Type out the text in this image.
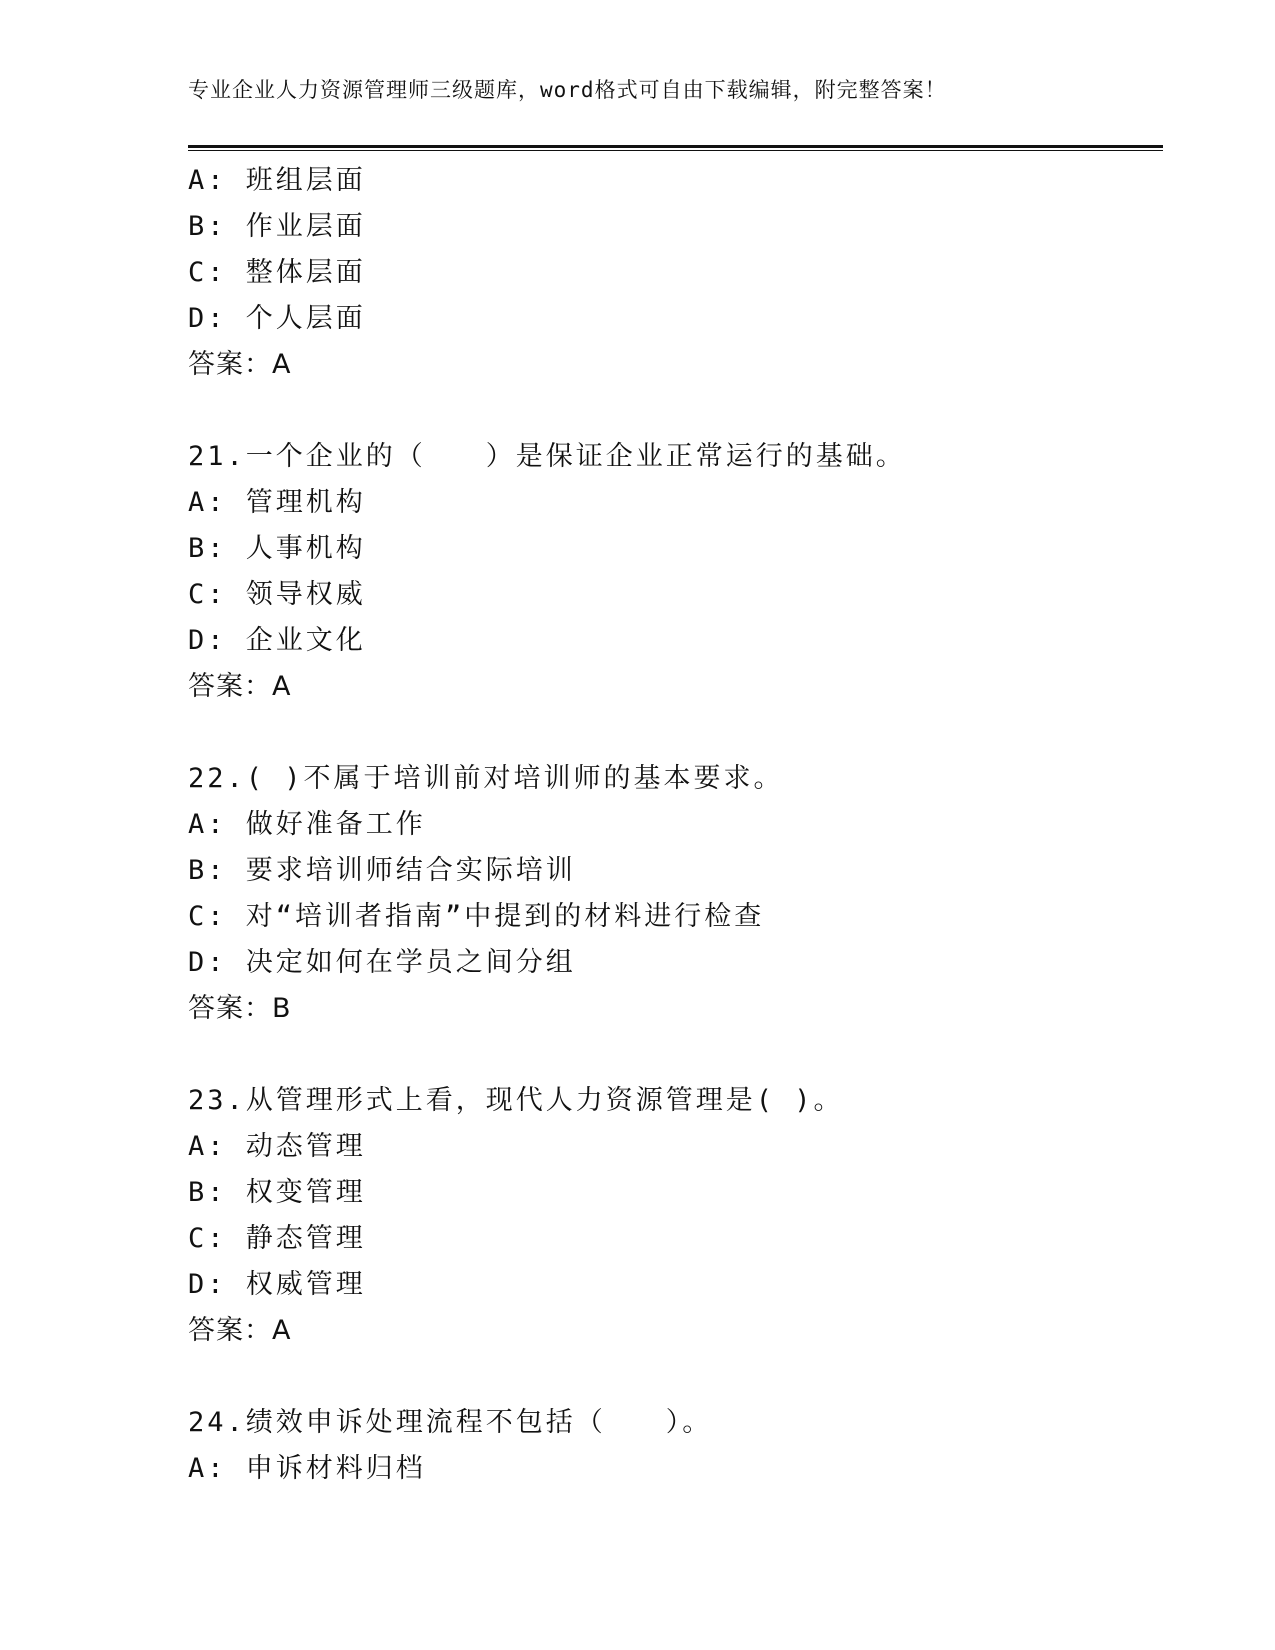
专业企业人力资源管理师三级题库，word格式可自由下载编辑，附完整答案！
A: 班组层面
B: 作业层面
C: 整体层面
D: 个人层面
答案：A
21.一个企业的（　　）是保证企业正常运行的基础。
A: 管理机构
B: 人事机构
C: 领导权威
D: 企业文化
答案：A
22.( )不属于培训前对培训师的基本要求。
A: 做好准备工作
B: 要求培训师结合实际培训
C: 对“培训者指南”中提到的材料进行检查
D: 决定如何在学员之间分组
答案：B
23.从管理形式上看，现代人力资源管理是( )。
A: 动态管理
B: 权变管理
C: 静态管理
D: 权威管理
答案：A
24.绩效申诉处理流程不包括（　　）。
A: 申诉材料归档
